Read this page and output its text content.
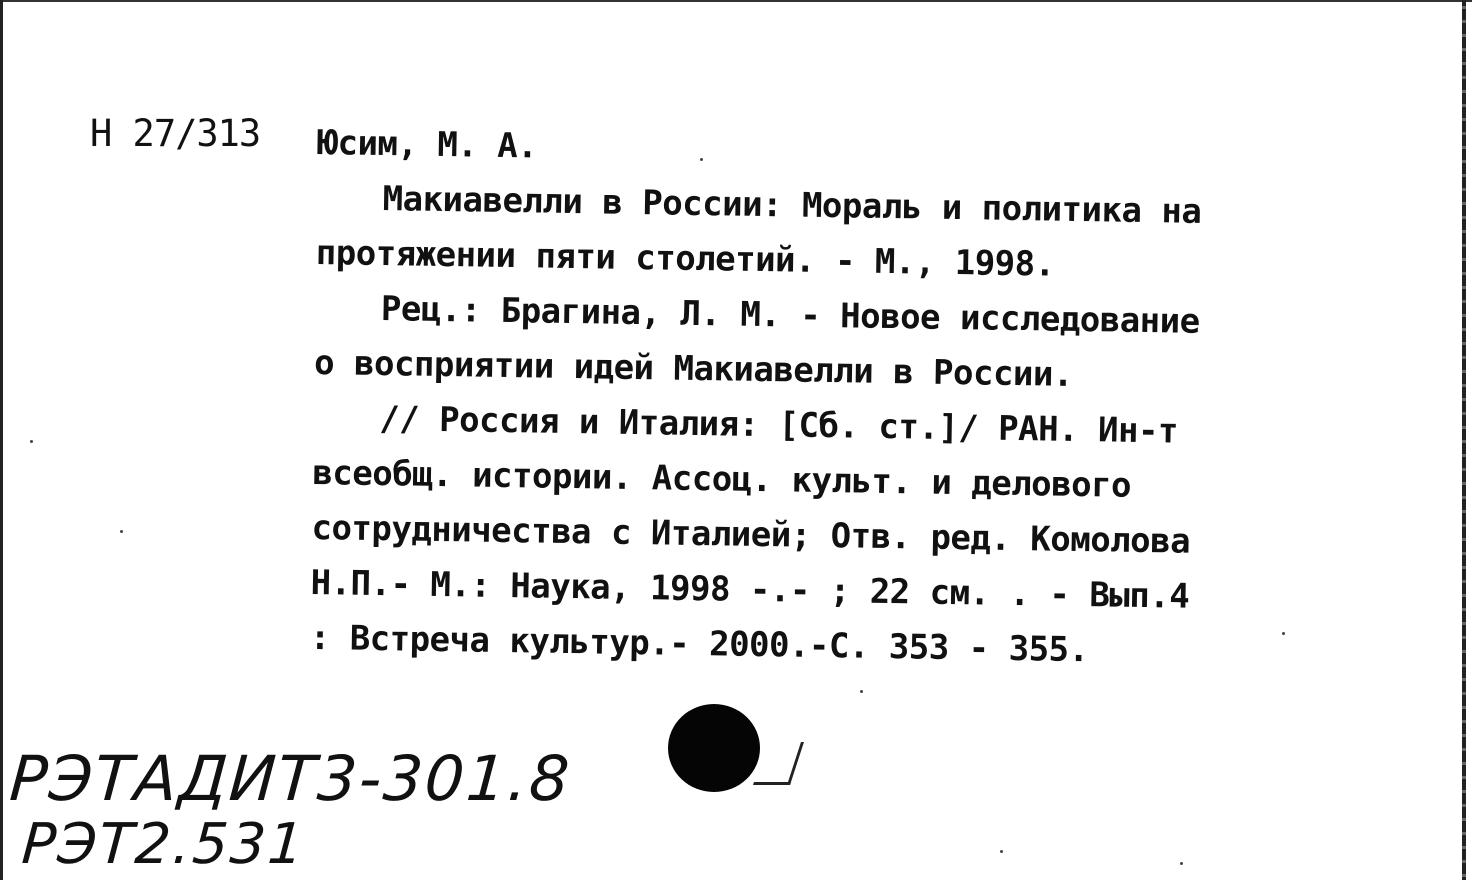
Н 27/313 Юсим, М. А.
Макиавелли в России: Мораль и политика на
протяжении пяти столетий. - М., 1998.
Рец.: Брагина, Л. М. - Новое исследование
о восприятии идей Макиавелли в России.
// Россия и Италия: [Сб. ст.]/ РАН. Ин-т
всеобщ. истории. Ассоц. культ. и делового
сотрудничества с Италией; Отв. ред. Комолова
Н.П.- М.: Наука, 1998 -.- ; 22 см. . - Вып.4
: Встреча культур.- 2000.-С. 353 - 355.
РЭТАДИТ3-301.8
РЭТ2.531
